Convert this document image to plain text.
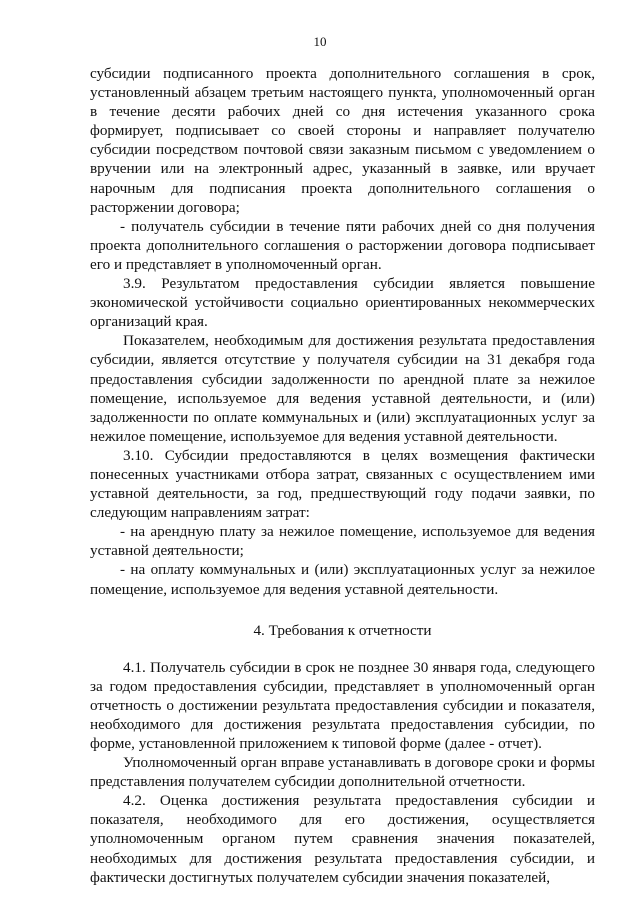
10

субсидии подписанного проекта дополнительного соглашения в срок, установленный абзацем третьим настоящего пункта, уполномоченный орган в течение десяти рабочих дней со дня истечения указанного срока формирует, подписывает со своей стороны и направляет получателю субсидии посредством почтовой связи заказным письмом с уведомлением о вручении или на электронный адрес, указанный в заявке, или вручает нарочным для подписания проекта дополнительного соглашения о расторжении договора;

- получатель субсидии в течение пяти рабочих дней со дня получения проекта дополнительного соглашения о расторжении договора подписывает его и представляет в уполномоченный орган.

3.9. Результатом предоставления субсидии является повышение экономической устойчивости социально ориентированных некоммерческих организаций края.

Показателем, необходимым для достижения результата предоставления субсидии, является отсутствие у получателя субсидии на 31 декабря года предоставления субсидии задолженности по арендной плате за нежилое помещение, используемое для ведения уставной деятельности, и (или) задолженности по оплате коммунальных и (или) эксплуатационных услуг за нежилое помещение, используемое для ведения уставной деятельности.

3.10. Субсидии предоставляются в целях возмещения фактически понесенных участниками отбора затрат, связанных с осуществлением ими уставной деятельности, за год, предшествующий году подачи заявки, по следующим направлениям затрат:

- на арендную плату за нежилое помещение, используемое для ведения уставной деятельности;

- на оплату коммунальных и (или) эксплуатационных услуг за нежилое помещение, используемое для ведения уставной деятельности.

4. Требования к отчетности

4.1. Получатель субсидии в срок не позднее 30 января года, следующего за годом предоставления субсидии, представляет в уполномоченный орган отчетность о достижении результата предоставления субсидии и показателя, необходимого для достижения результата предоставления субсидии, по форме, установленной приложением к типовой форме (далее - отчет).

Уполномоченный орган вправе устанавливать в договоре сроки и формы представления получателем субсидии дополнительной отчетности.

4.2. Оценка достижения результата предоставления субсидии и показателя, необходимого для его достижения, осуществляется уполномоченным органом путем сравнения значения показателей, необходимых для достижения результата предоставления субсидии, и фактически достигнутых получателем субсидии значения показателей,
